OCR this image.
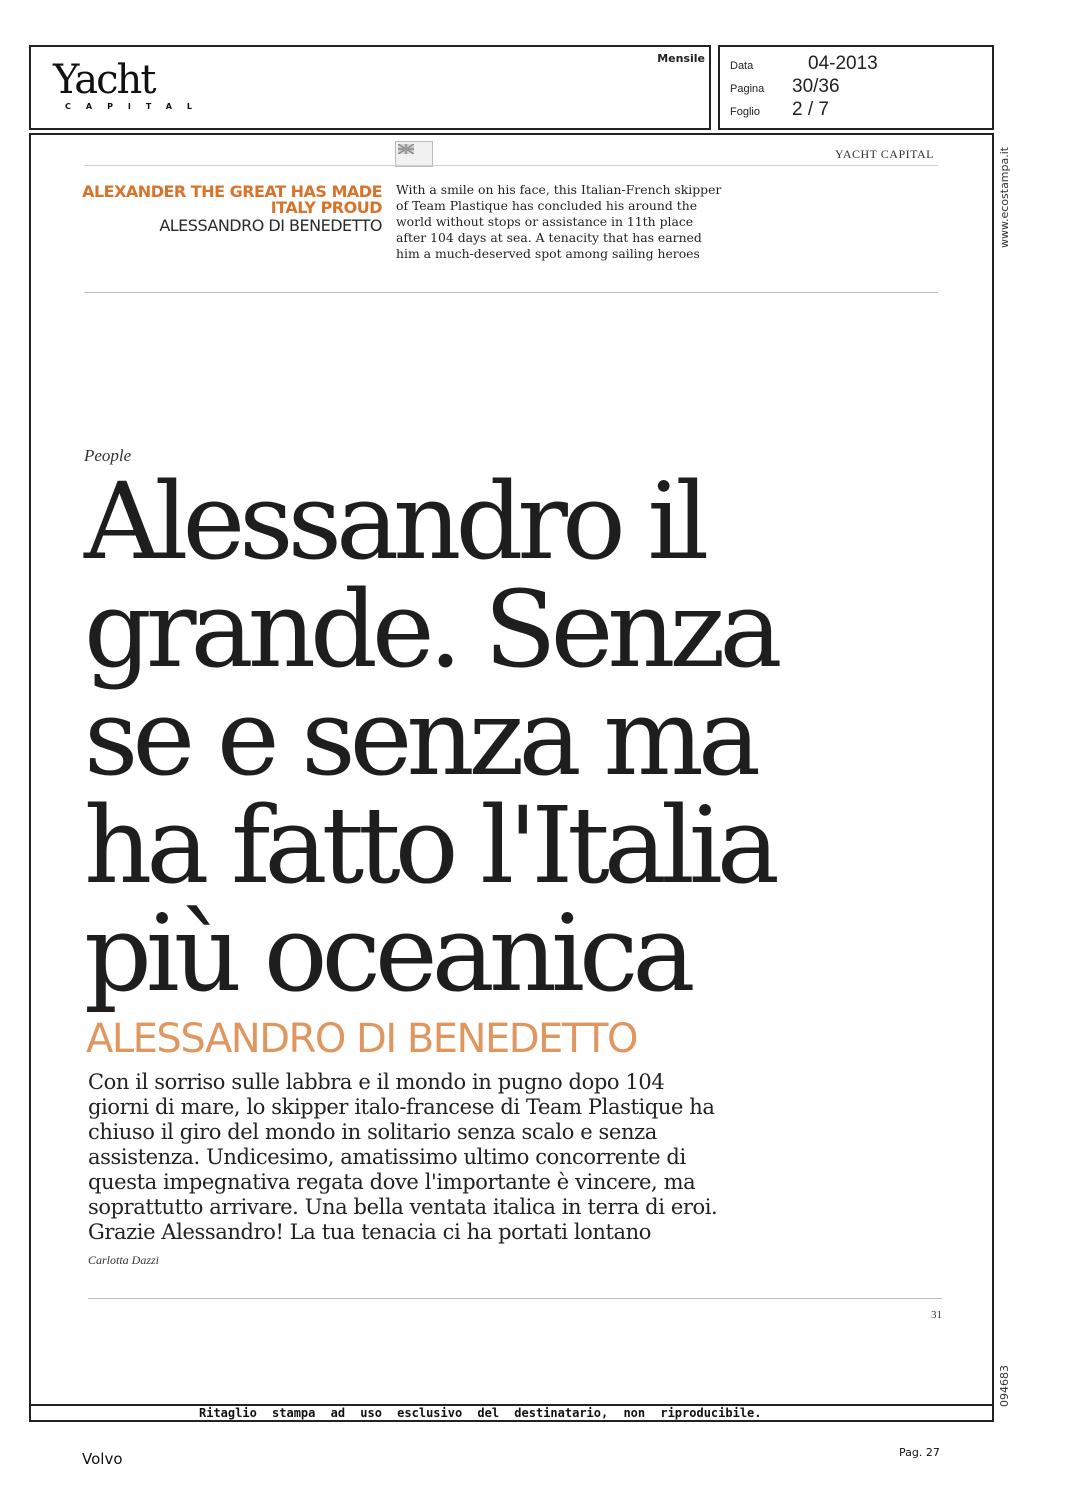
Yacht
CAPITAL
Mensile
Data	04-2013
Pagina 30/36
Foglio 2 / 7
www.ecostampa.it
094683
YACHT CAPITAL
ALEXANDER THE GREAT HAS MADE
ITALY PROUD
ALESSANDRO DI BENEDETTO
With a smile on his face, this Italian-French skipper of Team Plastique has concluded his around the world without stops or assistance in 11th place after 104 days at sea. A tenacity that has earned him a much-deserved spot among sailing heroes
People
Alessandro il
grande. Senza
se e senza ma
ha fatto l'Italia
più oceanica
ALESSANDRO DI BENEDETTO
Con il sorriso sulle labbra e il mondo in pugno dopo 104
giorni di mare, lo skipper italo-francese di Team Plastique ha
chiuso il giro del mondo in solitario senza scalo e senza
assistenza. Undicesimo, amatissimo ultimo concorrente di
questa impegnativa regata dove l'importante è vincere, ma
soprattutto arrivare. Una bella ventata italica in terra di eroi.
Grazie Alessandro! La tua tenacia ci ha portati lontano
Carlotta Dazzi
31
Ritaglio stampa ad uso esclusivo del destinatario, non riproducibile.
Volvo	Pag. 27
